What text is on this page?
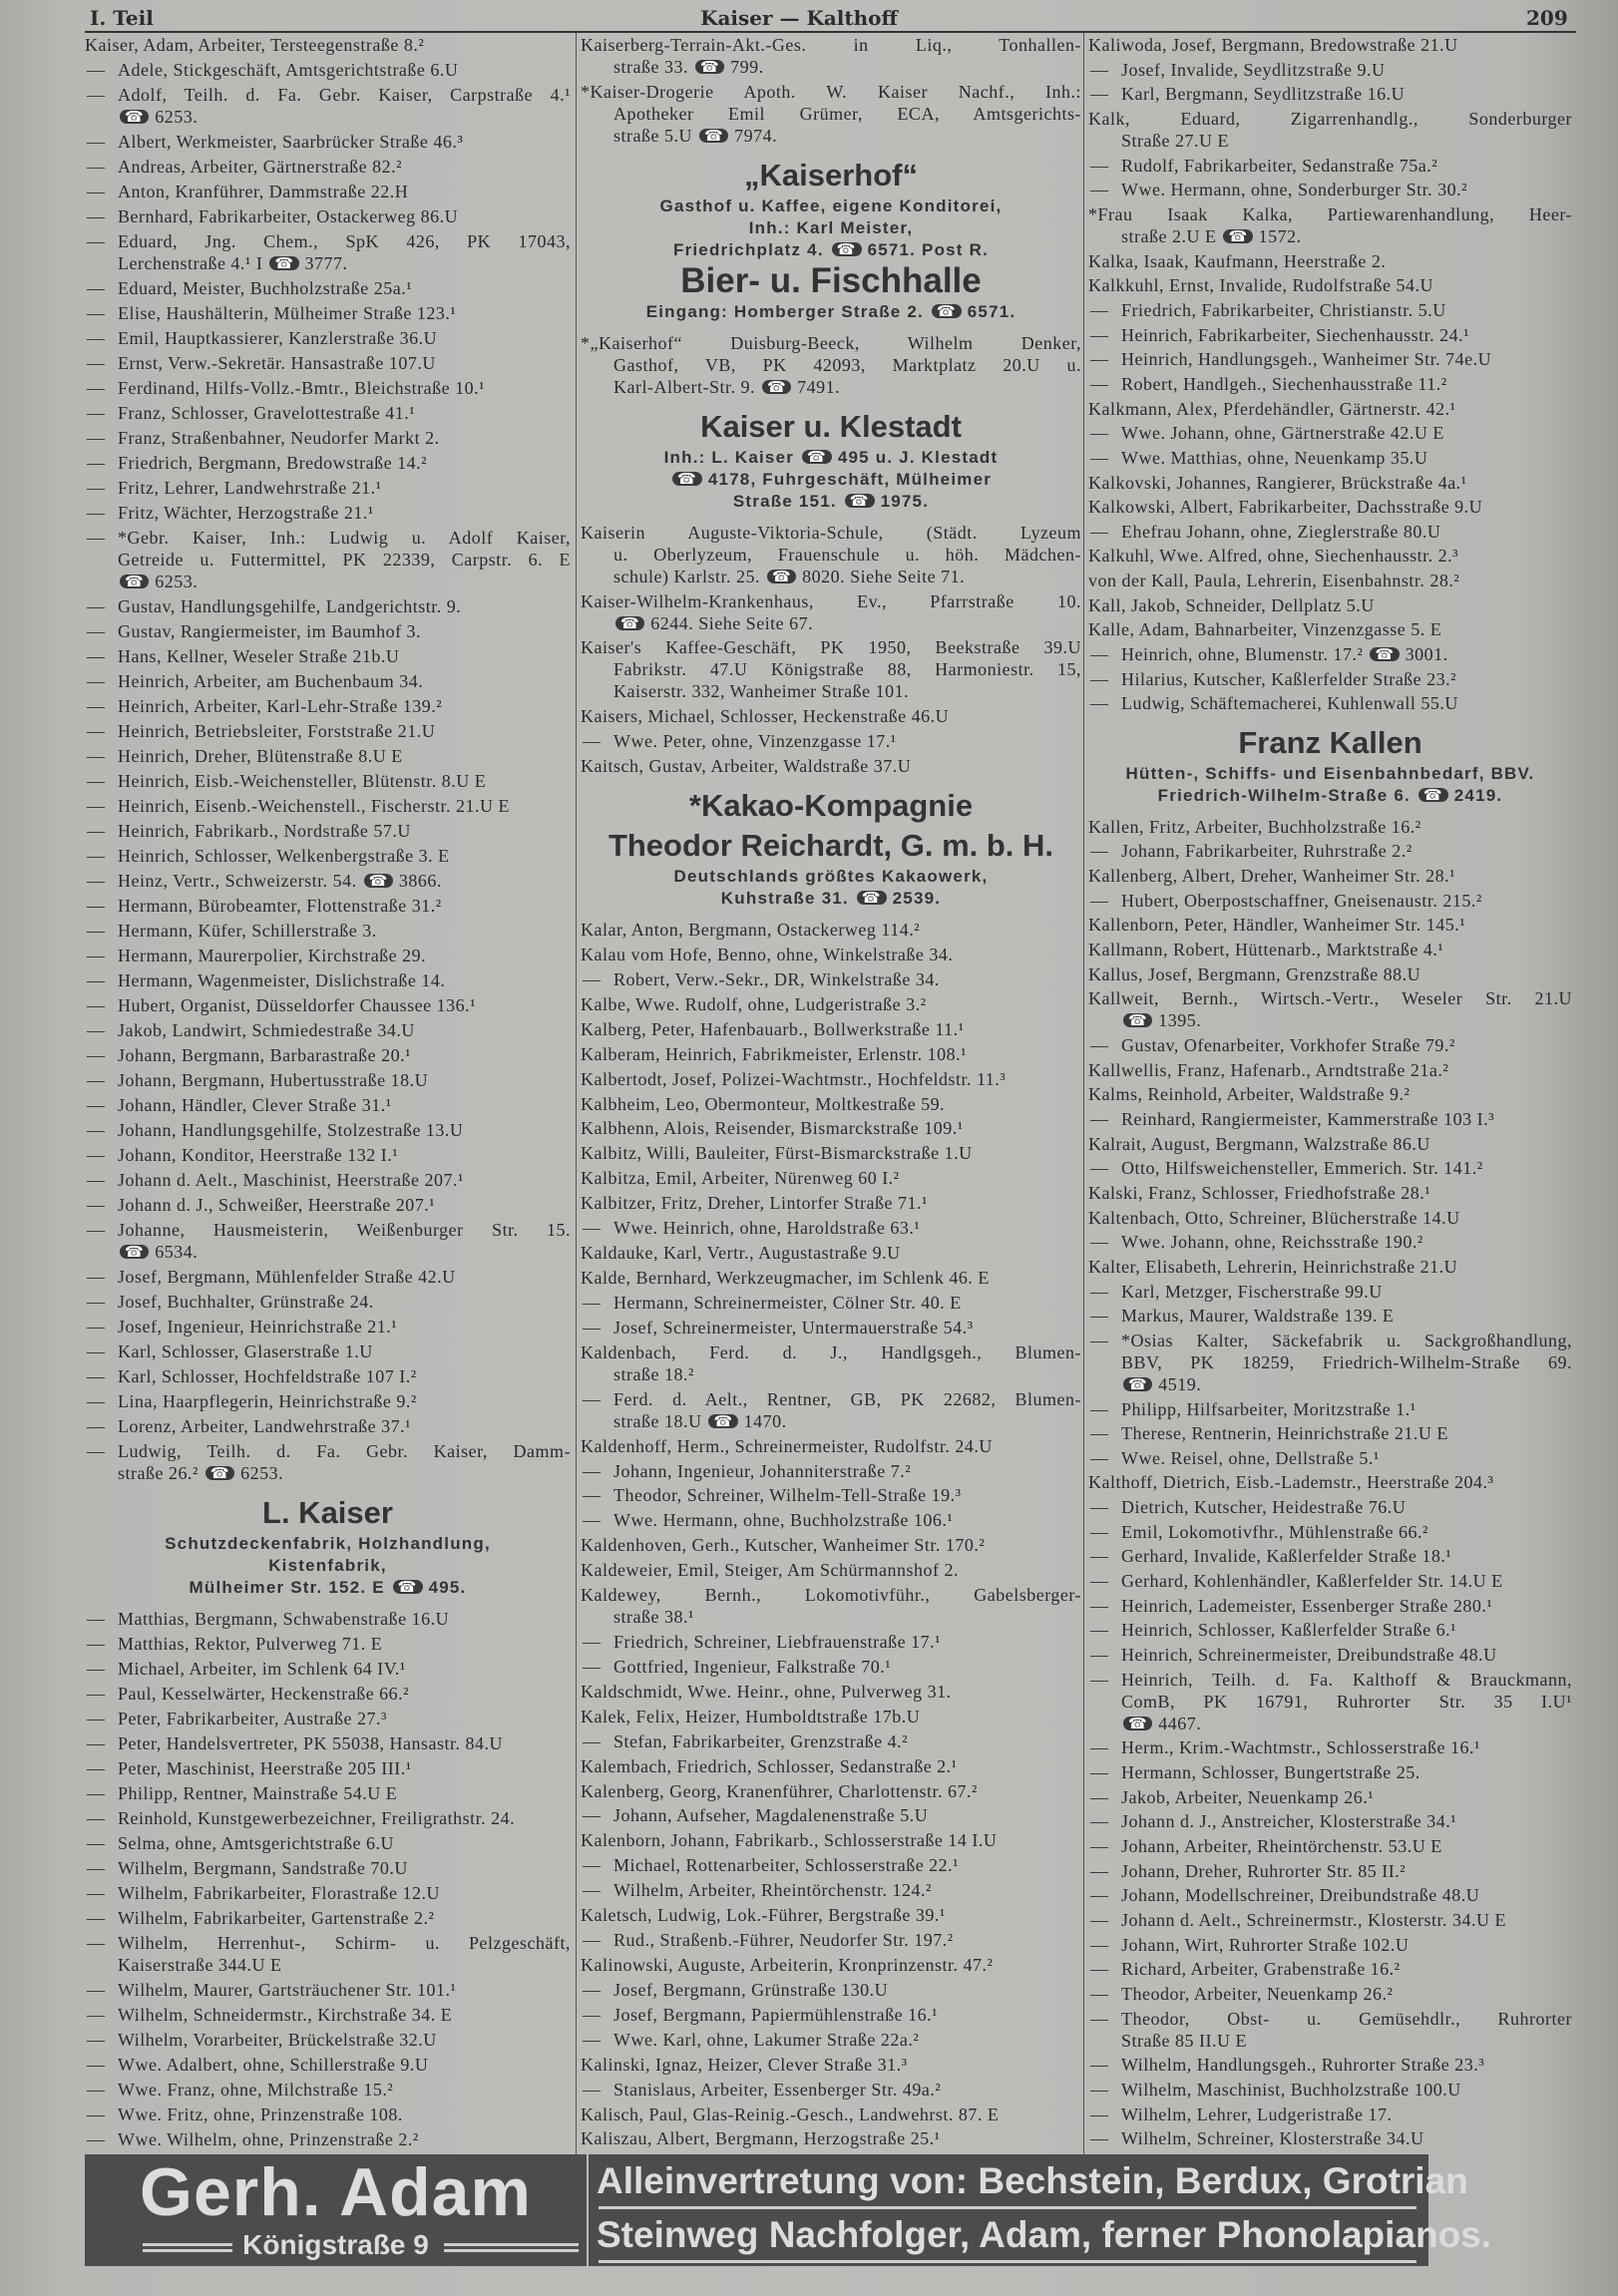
I. Teil	Kaiser — Kalthoff	209
Kaiser, Adam, Arbeiter, Tersteegenstraße 8.²
— Adele, Stickgeschäft, Amtsgerichtstraße 6.U
— Adolf, Teilh. d. Fa. Gebr. Kaiser, Carpstraße 4.¹
☎ 6253.
— Albert, Werkmeister, Saarbrücker Straße 46.³
— Andreas, Arbeiter, Gärtnerstraße 82.²
— Anton, Kranführer, Dammstraße 22.H
— Bernhard, Fabrikarbeiter, Ostackerweg 86.U
— Eduard, Jng. Chem., SpK 426, PK 17043,
Lerchenstraße 4.¹ I ☎ 3777.
— Eduard, Meister, Buchholzstraße 25a.¹
— Elise, Haushälterin, Mülheimer Straße 123.¹
— Emil, Hauptkassierer, Kanzlerstraße 36.U
— Ernst, Verw.-Sekretär. Hansastraße 107.U
— Ferdinand, Hilfs-Vollz.-Bmtr., Bleichstraße 10.¹
— Franz, Schlosser, Gravelottestraße 41.¹
— Franz, Straßenbahner, Neudorfer Markt 2.
— Friedrich, Bergmann, Bredowstraße 14.²
— Fritz, Lehrer, Landwehrstraße 21.¹
— Fritz, Wächter, Herzogstraße 21.¹
— *Gebr. Kaiser, Inh.: Ludwig u. Adolf Kaiser,
Getreide u. Futtermittel, PK 22339, Carpstr. 6. E
☎ 6253.
— Gustav, Handlungsgehilfe, Landgerichtstr. 9.
— Gustav, Rangiermeister, im Baumhof 3.
— Hans, Kellner, Weseler Straße 21b.U
— Heinrich, Arbeiter, am Buchenbaum 34.
— Heinrich, Arbeiter, Karl-Lehr-Straße 139.²
— Heinrich, Betriebsleiter, Forststraße 21.U
— Heinrich, Dreher, Blütenstraße 8.U E
— Heinrich, Eisb.-Weichensteller, Blütenstr. 8.U E
— Heinrich, Eisenb.-Weichenstell., Fischerstr. 21.U E
— Heinrich, Fabrikarb., Nordstraße 57.U
— Heinrich, Schlosser, Welkenbergstraße 3. E
— Heinz, Vertr., Schweizerstr. 54. ☎ 3866.
— Hermann, Bürobeamter, Flottenstraße 31.²
— Hermann, Küfer, Schillerstraße 3.
— Hermann, Maurerpolier, Kirchstraße 29.
— Hermann, Wagenmeister, Dislichstraße 14.
— Hubert, Organist, Düsseldorfer Chaussee 136.¹
— Jakob, Landwirt, Schmiedestraße 34.U
— Johann, Bergmann, Barbarastraße 20.¹
— Johann, Bergmann, Hubertusstraße 18.U
— Johann, Händler, Clever Straße 31.¹
— Johann, Handlungsgehilfe, Stolzestraße 13.U
— Johann, Konditor, Heerstraße 132 I.¹
— Johann d. Aelt., Maschinist, Heerstraße 207.¹
— Johann d. J., Schweißer, Heerstraße 207.¹
— Johanne, Hausmeisterin, Weißenburger Str. 15.
☎ 6534.
— Josef, Bergmann, Mühlenfelder Straße 42.U
— Josef, Buchhalter, Grünstraße 24.
— Josef, Ingenieur, Heinrichstraße 21.¹
— Karl, Schlosser, Glaserstraße 1.U
— Karl, Schlosser, Hochfeldstraße 107 I.²
— Lina, Haarpflegerin, Heinrichstraße 9.²
— Lorenz, Arbeiter, Landwehrstraße 37.¹
— Ludwig, Teilh. d. Fa. Gebr. Kaiser, Damm-
straße 26.² ☎ 6253.
L. Kaiser
Schutzdeckenfabrik, Holzhandlung,
Kistenfabrik,
Mülheimer Str. 152. E ☎ 495.
— Matthias, Bergmann, Schwabenstraße 16.U
— Matthias, Rektor, Pulverweg 71. E
— Michael, Arbeiter, im Schlenk 64 IV.¹
— Paul, Kesselwärter, Heckenstraße 66.²
— Peter, Fabrikarbeiter, Austraße 27.³
— Peter, Handelsvertreter, PK 55038, Hansastr. 84.U
— Peter, Maschinist, Heerstraße 205 III.¹
— Philipp, Rentner, Mainstraße 54.U E
— Reinhold, Kunstgewerbezeichner, Freiligrathstr. 24.
— Selma, ohne, Amtsgerichtstraße 6.U
— Wilhelm, Bergmann, Sandstraße 70.U
— Wilhelm, Fabrikarbeiter, Florastraße 12.U
— Wilhelm, Fabrikarbeiter, Gartenstraße 2.²
— Wilhelm, Herrenhut-, Schirm- u. Pelzgeschäft,
Kaiserstraße 344.U E
— Wilhelm, Maurer, Gartsträuchener Str. 101.¹
— Wilhelm, Schneidermstr., Kirchstraße 34. E
— Wilhelm, Vorarbeiter, Brückelstraße 32.U
— Wwe. Adalbert, ohne, Schillerstraße 9.U
— Wwe. Franz, ohne, Milchstraße 15.²
— Wwe. Fritz, ohne, Prinzenstraße 108.
— Wwe. Wilhelm, ohne, Prinzenstraße 2.²
Kaiserberg-Terrain-Akt.-Ges. in Liq., Tonhallen-
straße 33. ☎ 799.
*Kaiser-Drogerie Apoth. W. Kaiser Nachf., Inh.:
Apotheker Emil Grümer, ECA, Amtsgerichts-
straße 5.U ☎ 7974.
„Kaiserhof“
Gasthof u. Kaffee, eigene Konditorei,
Inh.: Karl Meister,
Friedrichplatz 4. ☎ 6571. Post R.
Bier- u. Fischhalle
Eingang: Homberger Straße 2. ☎ 6571.
*„Kaiserhof“ Duisburg-Beeck, Wilhelm Denker,
Gasthof, VB, PK 42093, Marktplatz 20.U u.
Karl-Albert-Str. 9. ☎ 7491.
Kaiser u. Klestadt
Inh.: L. Kaiser ☎ 495 u. J. Klestadt
☎ 4178, Fuhrgeschäft, Mülheimer
Straße 151. ☎ 1975.
Kaiserin Auguste-Viktoria-Schule, (Städt. Lyzeum
u. Oberlyzeum, Frauenschule u. höh. Mädchen-
schule) Karlstr. 25. ☎ 8020. Siehe Seite 71.
Kaiser-Wilhelm-Krankenhaus, Ev., Pfarrstraße 10.
☎ 6244. Siehe Seite 67.
Kaiser's Kaffee-Geschäft, PK 1950, Beekstraße 39.U
Fabrikstr. 47.U Königstraße 88, Harmoniestr. 15,
Kaiserstr. 332, Wanheimer Straße 101.
Kaisers, Michael, Schlosser, Heckenstraße 46.U
— Wwe. Peter, ohne, Vinzenzgasse 17.¹
Kaitsch, Gustav, Arbeiter, Waldstraße 37.U
*Kakao-Kompagnie
Theodor Reichardt, G. m. b. H.
Deutschlands größtes Kakaowerk,
Kuhstraße 31. ☎ 2539.
Kalar, Anton, Bergmann, Ostackerweg 114.²
Kalau vom Hofe, Benno, ohne, Winkelstraße 34.
— Robert, Verw.-Sekr., DR, Winkelstraße 34.
Kalbe, Wwe. Rudolf, ohne, Ludgeristraße 3.²
Kalberg, Peter, Hafenbauarb., Bollwerkstraße 11.¹
Kalberam, Heinrich, Fabrikmeister, Erlenstr. 108.¹
Kalbertodt, Josef, Polizei-Wachtmstr., Hochfeldstr. 11.³
Kalbheim, Leo, Obermonteur, Moltkestraße 59.
Kalbhenn, Alois, Reisender, Bismarckstraße 109.¹
Kalbitz, Willi, Bauleiter, Fürst-Bismarckstraße 1.U
Kalbitza, Emil, Arbeiter, Nürenweg 60 I.²
Kalbitzer, Fritz, Dreher, Lintorfer Straße 71.¹
— Wwe. Heinrich, ohne, Haroldstraße 63.¹
Kaldauke, Karl, Vertr., Augustastraße 9.U
Kalde, Bernhard, Werkzeugmacher, im Schlenk 46. E
— Hermann, Schreinermeister, Cölner Str. 40. E
— Josef, Schreinermeister, Untermauerstraße 54.³
Kaldenbach, Ferd. d. J., Handlgsgeh., Blumen-
straße 18.²
— Ferd. d. Aelt., Rentner, GB, PK 22682, Blumen-
straße 18.U ☎ 1470.
Kaldenhoff, Herm., Schreinermeister, Rudolfstr. 24.U
— Johann, Ingenieur, Johanniterstraße 7.²
— Theodor, Schreiner, Wilhelm-Tell-Straße 19.³
— Wwe. Hermann, ohne, Buchholzstraße 106.¹
Kaldenhoven, Gerh., Kutscher, Wanheimer Str. 170.²
Kaldeweier, Emil, Steiger, Am Schürmannshof 2.
Kaldewey, Bernh., Lokomotivführ., Gabelsberger-
straße 38.¹
— Friedrich, Schreiner, Liebfrauenstraße 17.¹
— Gottfried, Ingenieur, Falkstraße 70.¹
Kaldschmidt, Wwe. Heinr., ohne, Pulverweg 31.
Kalek, Felix, Heizer, Humboldtstraße 17b.U
— Stefan, Fabrikarbeiter, Grenzstraße 4.²
Kalembach, Friedrich, Schlosser, Sedanstraße 2.¹
Kalenberg, Georg, Kranenführer, Charlottenstr. 67.²
— Johann, Aufseher, Magdalenenstraße 5.U
Kalenborn, Johann, Fabrikarb., Schlosserstraße 14 I.U
— Michael, Rottenarbeiter, Schlosserstraße 22.¹
— Wilhelm, Arbeiter, Rheintörchenstr. 124.²
Kaletsch, Ludwig, Lok.-Führer, Bergstraße 39.¹
— Rud., Straßenb.-Führer, Neudorfer Str. 197.²
Kalinowski, Auguste, Arbeiterin, Kronprinzenstr. 47.²
— Josef, Bergmann, Grünstraße 130.U
— Josef, Bergmann, Papiermühlenstraße 16.¹
— Wwe. Karl, ohne, Lakumer Straße 22a.²
Kalinski, Ignaz, Heizer, Clever Straße 31.³
— Stanislaus, Arbeiter, Essenberger Str. 49a.²
Kalisch, Paul, Glas-Reinig.-Gesch., Landwehrst. 87. E
Kaliszau, Albert, Bergmann, Herzogstraße 25.¹
Kaliwoda, Josef, Bergmann, Bredowstraße 21.U
— Josef, Invalide, Seydlitzstraße 9.U
— Karl, Bergmann, Seydlitzstraße 16.U
Kalk, Eduard, Zigarrenhandlg., Sonderburger
Straße 27.U E
— Rudolf, Fabrikarbeiter, Sedanstraße 75a.²
— Wwe. Hermann, ohne, Sonderburger Str. 30.²
*Frau Isaak Kalka, Partiewarenhandlung, Heer-
straße 2.U E ☎ 1572.
Kalka, Isaak, Kaufmann, Heerstraße 2.
Kalkkuhl, Ernst, Invalide, Rudolfstraße 54.U
— Friedrich, Fabrikarbeiter, Christianstr. 5.U
— Heinrich, Fabrikarbeiter, Siechenhausstr. 24.¹
— Heinrich, Handlungsgeh., Wanheimer Str. 74e.U
— Robert, Handlgeh., Siechenhausstraße 11.²
Kalkmann, Alex, Pferdehändler, Gärtnerstr. 42.¹
— Wwe. Johann, ohne, Gärtnerstraße 42.U E
— Wwe. Matthias, ohne, Neuenkamp 35.U
Kalkovski, Johannes, Rangierer, Brückstraße 4a.¹
Kalkowski, Albert, Fabrikarbeiter, Dachsstraße 9.U
— Ehefrau Johann, ohne, Zieglerstraße 80.U
Kalkuhl, Wwe. Alfred, ohne, Siechenhausstr. 2.³
von der Kall, Paula, Lehrerin, Eisenbahnstr. 28.²
Kall, Jakob, Schneider, Dellplatz 5.U
Kalle, Adam, Bahnarbeiter, Vinzenzgasse 5. E
— Heinrich, ohne, Blumenstr. 17.² ☎ 3001.
— Hilarius, Kutscher, Kaßlerfelder Straße 23.²
— Ludwig, Schäftemacherei, Kuhlenwall 55.U
Franz Kallen
Hütten-, Schiffs- und Eisenbahnbedarf, BBV.
Friedrich-Wilhelm-Straße 6. ☎ 2419.
Kallen, Fritz, Arbeiter, Buchholzstraße 16.²
— Johann, Fabrikarbeiter, Ruhrstraße 2.²
Kallenberg, Albert, Dreher, Wanheimer Str. 28.¹
— Hubert, Oberpostschaffner, Gneisenaustr. 215.²
Kallenborn, Peter, Händler, Wanheimer Str. 145.¹
Kallmann, Robert, Hüttenarb., Marktstraße 4.¹
Kallus, Josef, Bergmann, Grenzstraße 88.U
Kallweit, Bernh., Wirtsch.-Vertr., Weseler Str. 21.U
☎ 1395.
— Gustav, Ofenarbeiter, Vorkhofer Straße 79.²
Kallwellis, Franz, Hafenarb., Arndtstraße 21a.²
Kalms, Reinhold, Arbeiter, Waldstraße 9.²
— Reinhard, Rangiermeister, Kammerstraße 103 I.³
Kalrait, August, Bergmann, Walzstraße 86.U
— Otto, Hilfsweichensteller, Emmerich. Str. 141.²
Kalski, Franz, Schlosser, Friedhofstraße 28.¹
Kaltenbach, Otto, Schreiner, Blücherstraße 14.U
— Wwe. Johann, ohne, Reichsstraße 190.²
Kalter, Elisabeth, Lehrerin, Heinrichstraße 21.U
— Karl, Metzger, Fischerstraße 99.U
— Markus, Maurer, Waldstraße 139. E
— *Osias Kalter, Säckefabrik u. Sackgroßhandlung,
BBV, PK 18259, Friedrich-Wilhelm-Straße 69.
☎ 4519.
— Philipp, Hilfsarbeiter, Moritzstraße 1.¹
— Therese, Rentnerin, Heinrichstraße 21.U E
— Wwe. Reisel, ohne, Dellstraße 5.¹
Kalthoff, Dietrich, Eisb.-Lademstr., Heerstraße 204.³
— Dietrich, Kutscher, Heidestraße 76.U
— Emil, Lokomotivfhr., Mühlenstraße 66.²
— Gerhard, Invalide, Kaßlerfelder Straße 18.¹
— Gerhard, Kohlenhändler, Kaßlerfelder Str. 14.U E
— Heinrich, Lademeister, Essenberger Straße 280.¹
— Heinrich, Schlosser, Kaßlerfelder Straße 6.¹
— Heinrich, Schreinermeister, Dreibundstraße 48.U
— Heinrich, Teilh. d. Fa. Kalthoff & Brauckmann,
ComB, PK 16791, Ruhrorter Str. 35 I.U¹
☎ 4467.
— Herm., Krim.-Wachtmstr., Schlosserstraße 16.¹
— Hermann, Schlosser, Bungertstraße 25.
— Jakob, Arbeiter, Neuenkamp 26.¹
— Johann d. J., Anstreicher, Klosterstraße 34.¹
— Johann, Arbeiter, Rheintörchenstr. 53.U E
— Johann, Dreher, Ruhrorter Str. 85 II.²
— Johann, Modellschreiner, Dreibundstraße 48.U
— Johann d. Aelt., Schreinermstr., Klosterstr. 34.U E
— Johann, Wirt, Ruhrorter Straße 102.U
— Richard, Arbeiter, Grabenstraße 16.²
— Theodor, Arbeiter, Neuenkamp 26.²
— Theodor, Obst- u. Gemüsehdlr., Ruhrorter
Straße 85 II.U E
— Wilhelm, Handlungsgeh., Ruhrorter Straße 23.³
— Wilhelm, Maschinist, Buchholzstraße 100.U
— Wilhelm, Lehrer, Ludgeristraße 17.
— Wilhelm, Schreiner, Klosterstraße 34.U
Gerh. Adam
Königstraße 9
Alleinvertretung von: Bechstein, Berdux, Grotrian
Steinweg Nachfolger, Adam, ferner Phonolapianos.
